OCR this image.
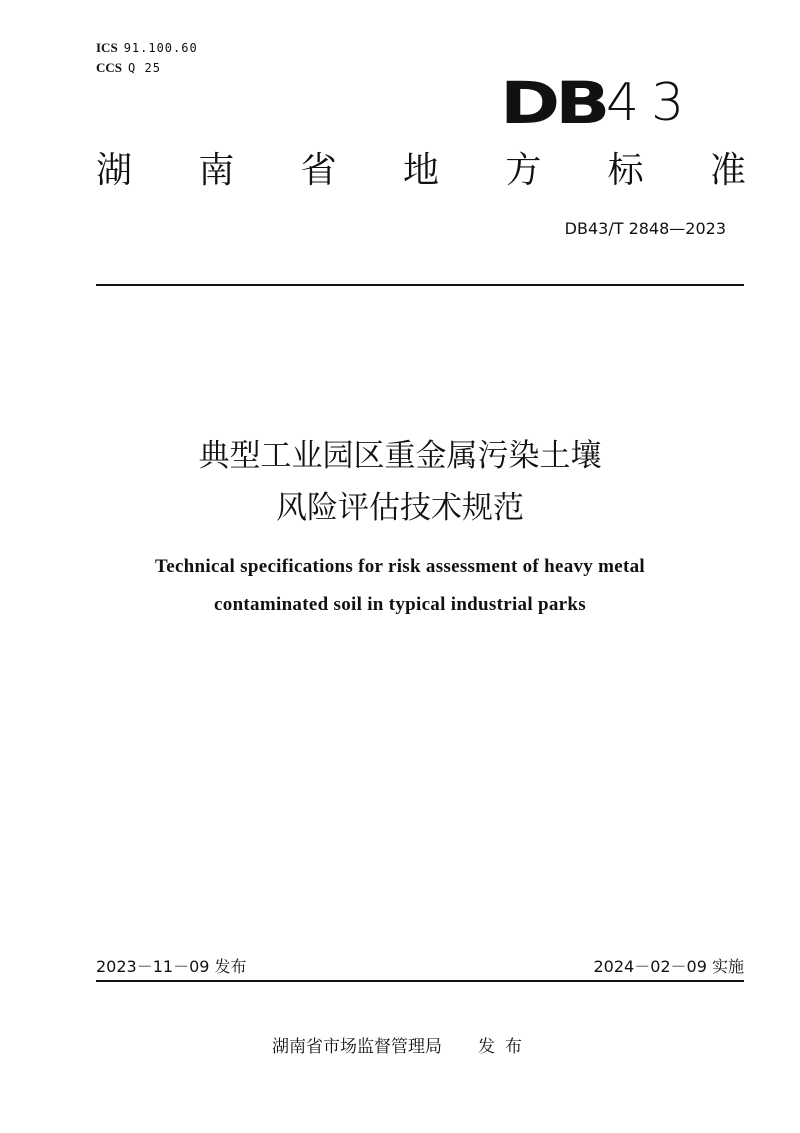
ICS 91.100.60
CCS Q 25
DB 43
湖 南 省 地 方 标 准
DB43/T 2848—2023
典型工业园区重金属污染土壤
风险评估技术规范
Technical specifications for risk assessment of heavy metal
contaminated soil in typical industrial parks
2023－11－09 发布	2024－02－09 实施
湖南省市场监督管理局 发布
